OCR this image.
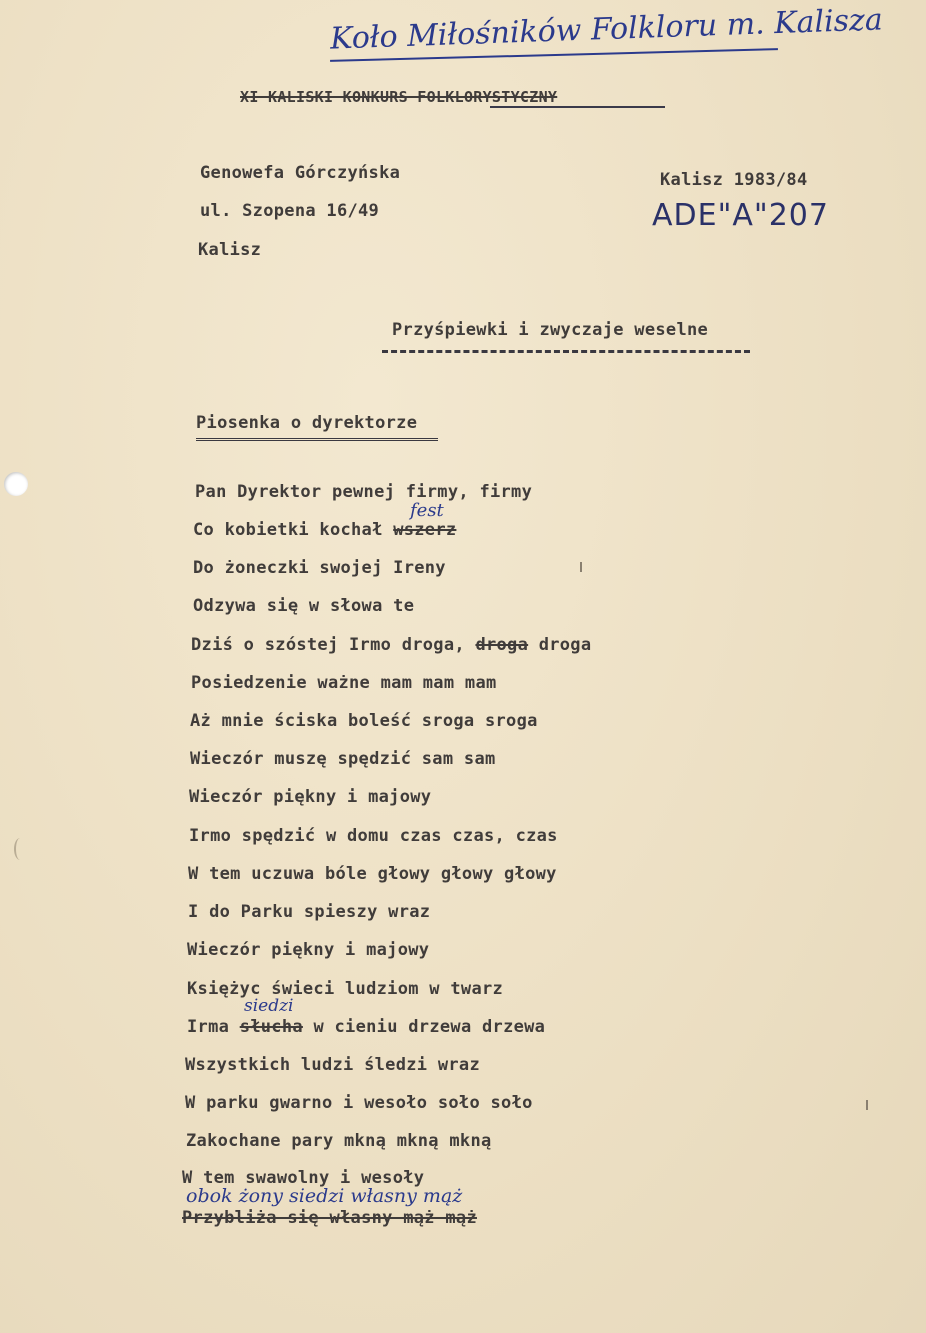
Koło Miłośników Folkloru m. Kalisza
XI KALISKI KONKURS FOLKLORYSTYCZNY
Genowefa Górczyńska
ul. Szopena 16/49
Kalisz
Kalisz 1983/84
ADE"A"207
Przyśpiewki i zwyczaje weselne
Piosenka o dyrektorze
Pan Dyrektor pewnej firmy, firmy
Co kobietki kochał wszerz
fest
Do żoneczki swojej Ireny
Odzywa się w słowa te
Dziś o szóstej Irmo droga, droga droga
Posiedzenie ważne mam mam mam
Aż mnie ściska boleść sroga sroga
Wieczór muszę spędzić sam sam
Wieczór piękny i majowy
Irmo spędzić w domu czas czas, czas
W tem uczuwa bóle głowy głowy głowy
I do Parku spieszy wraz
Wieczór piękny i majowy
Księżyc świeci ludziom w twarz
siedzi
Irma słucha w cieniu drzewa drzewa
Wszystkich ludzi śledzi wraz
W parku gwarno i wesoło soło soło
Zakochane pary mkną mkną mkną
W tem swawolny i wesoły
obok żony siedzi własny mąż
Przybliża się własny mąż mąż
